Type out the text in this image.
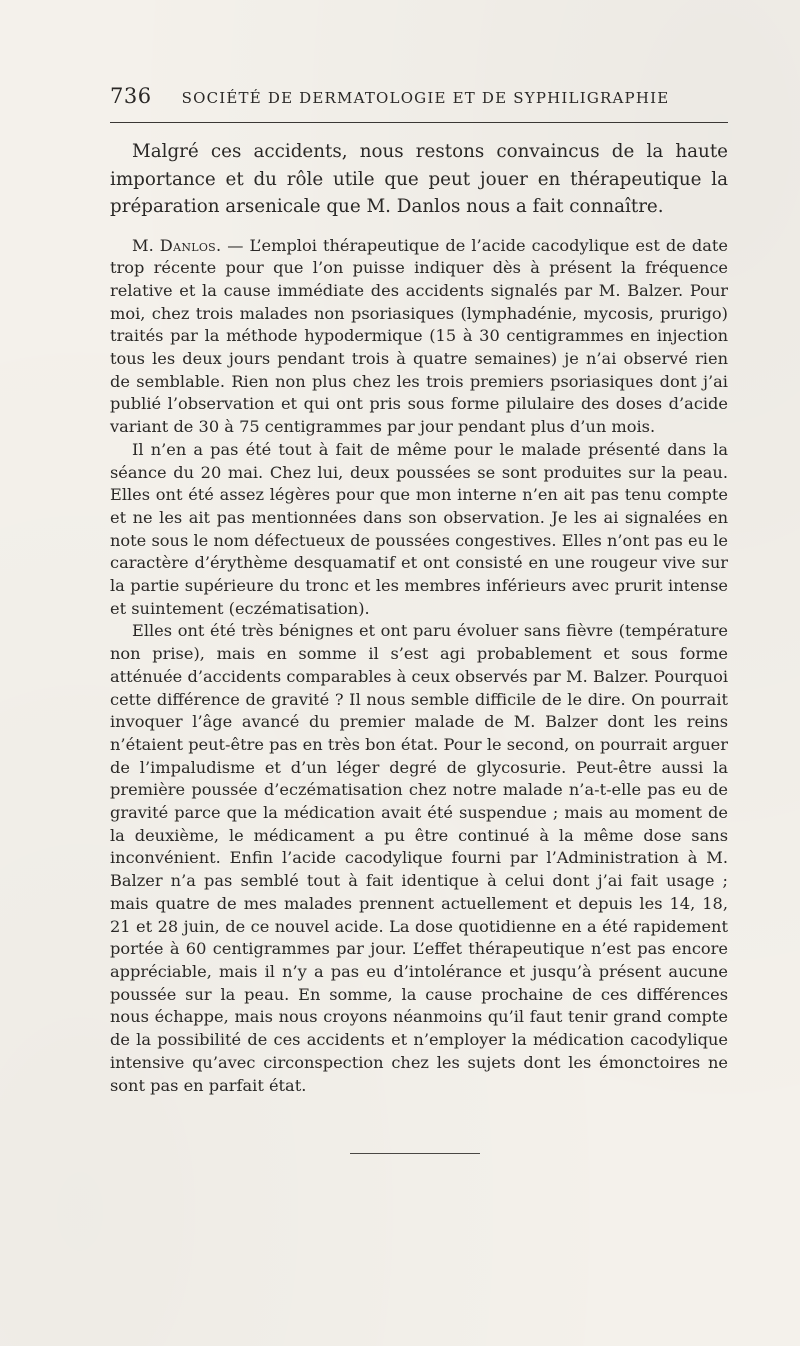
736 SOCIÉTÉ DE DERMATOLOGIE ET DE SYPHILIGRAPHIE

Malgré ces accidents, nous restons convaincus de la haute importance et du rôle utile que peut jouer en thérapeutique la préparation arsenicale que M. Danlos nous a fait connaître.

M. Danlos. — L’emploi thérapeutique de l’acide cacodylique est de date trop récente pour que l’on puisse indiquer dès à présent la fréquence relative et la cause immédiate des accidents signalés par M. Balzer. Pour moi, chez trois malades non psoriasiques (lymphadénie, mycosis, prurigo) traités par la méthode hypodermique (15 à 30 centigrammes en injection tous les deux jours pendant trois à quatre semaines) je n’ai observé rien de semblable. Rien non plus chez les trois premiers psoriasiques dont j’ai publié l’observation et qui ont pris sous forme pilulaire des doses d’acide variant de 30 à 75 centigrammes par jour pendant plus d’un mois.

Il n’en a pas été tout à fait de même pour le malade présenté dans la séance du 20 mai. Chez lui, deux poussées se sont produites sur la peau. Elles ont été assez légères pour que mon interne n’en ait pas tenu compte et ne les ait pas mentionnées dans son observation. Je les ai signalées en note sous le nom défectueux de poussées congestives. Elles n’ont pas eu le caractère d’érythème desquamatif et ont consisté en une rougeur vive sur la partie supérieure du tronc et les membres inférieurs avec prurit intense et suintement (eczématisation).

Elles ont été très bénignes et ont paru évoluer sans fièvre (température non prise), mais en somme il s’est agi probablement et sous forme atténuée d’accidents comparables à ceux observés par M. Balzer. Pourquoi cette différence de gravité ? Il nous semble difficile de le dire. On pourrait invoquer l’âge avancé du premier malade de M. Balzer dont les reins n’étaient peut-être pas en très bon état. Pour le second, on pourrait arguer de l’impaludisme et d’un léger degré de glycosurie. Peut-être aussi la première poussée d’eczématisation chez notre malade n’a-t-elle pas eu de gravité parce que la médication avait été suspendue ; mais au moment de la deuxième, le médicament a pu être continué à la même dose sans inconvénient. Enfin l’acide cacodylique fourni par l’Administration à M. Balzer n’a pas semblé tout à fait identique à celui dont j’ai fait usage ; mais quatre de mes malades prennent actuellement et depuis les 14, 18, 21 et 28 juin, de ce nouvel acide. La dose quotidienne en a été rapidement portée à 60 centigrammes par jour. L’effet thérapeutique n’est pas encore appréciable, mais il n’y a pas eu d’intolérance et jusqu’à présent aucune poussée sur la peau. En somme, la cause prochaine de ces différences nous échappe, mais nous croyons néanmoins qu’il faut tenir grand compte de la possibilité de ces accidents et n’employer la médication cacodylique intensive qu’avec circonspection chez les sujets dont les émonctoires ne sont pas en parfait état.
